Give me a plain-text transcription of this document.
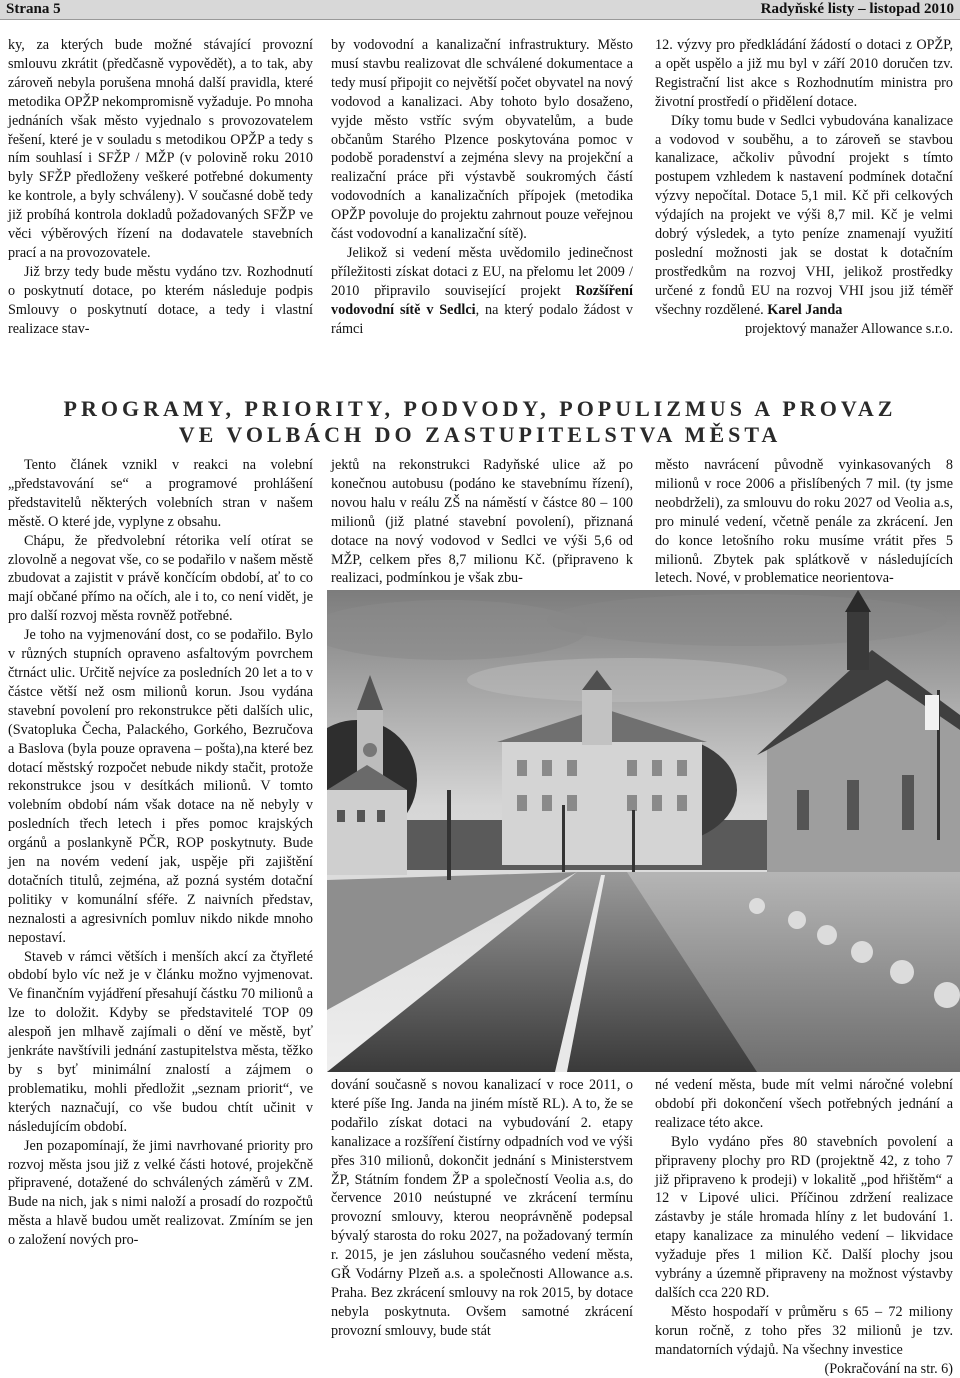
Strana 5	Radyňské listy – listopad 2010

ky, za kterých bude možné stávající provozní smlouvu zkrátit (předčasně vypovědět), a to tak, aby zároveň nebyla porušena mnohá další pravidla, které metodika OPŽP nekompromisně vyžaduje. Po mnoha jednáních však město vyjednalo s provozovatelem řešení, které je v souladu s metodikou OPŽP a tedy s ním souhlasí i SFŽP / MŽP (v polovině roku 2010 byly SFŽP předloženy veškeré potřebné dokumenty ke kontrole, a byly schváleny). V současné době tedy již probíhá kontrola dokladů požadovaných SFŽP ve věci výběrových řízení na dodavatele stavebních prací a na provozovatele.

Již brzy tedy bude městu vydáno tzv. Rozhodnutí o poskytnutí dotace, po kterém následuje podpis Smlouvy o poskytnutí dotace, a tedy i vlastní realizace stav-

by vodovodní a kanalizační infrastruktury. Město musí stavbu realizovat dle schválené dokumentace a tedy musí připojit co největší počet obyvatel na nový vodovod a kanalizaci. Aby tohoto bylo dosaženo, vyjde město vstříc svým obyvatelům, a bude občanům Starého Plzence poskytována pomoc v podobě poradenství a zejména slevy na projekční a realizační práce při výstavbě soukromých částí vodovodních a kanalizačních přípojek (metodika OPŽP povoluje do projektu zahrnout pouze veřejnou část vodovodní a kanalizační sítě).

Jelikož si vedení města uvědomilo jedinečnost příležitosti získat dotaci z EU, na přelomu let 2009 / 2010 připravilo související projekt Rozšíření vodovodní sítě v Sedlci, na který podalo žádost v rámci

12. výzvy pro předkládání žádostí o dotaci z OPŽP, a opět uspělo a již mu byl v září 2010 doručen tzv. Registrační list akce s Rozhodnutím ministra pro životní prostředí o přidělení dotace.

Díky tomu bude v Sedlci vybudována kanalizace a vodovod v souběhu, a to zároveň se stavbou kanalizace, ačkoliv původní projekt s tímto postupem vzhledem k nastavení podmínek dotační výzvy nepočítal. Dotace 5,1 mil. Kč při celkových výdajích na projekt ve výši 8,7 mil. Kč je velmi dobrý výsledek, a tyto peníze znamenají využití poslední možnosti jak se dostat k dotačním prostředkům na rozvoj VHI, jelikož prostředky určené z fondů EU na rozvoj VHI jsou již téměř všechny rozdělené. Karel Janda

projektový manažer Allowance s.r.o.

PROGRAMY, PRIORITY, PODVODY, POPULIZMUS A PROVAZ
VE VOLBÁCH DO ZASTUPITELSTVA MĚSTA

Tento článek vznikl v reakci na volební „představování se“ a programové prohlášení představitelů některých volebních stran v našem městě. O které jde, vyplyne z obsahu.

Chápu, že předvolební rétorika velí otírat se zlovolně a negovat vše, co se podařilo v našem městě zbudovat a zajistit v právě končícím období, ať to co mají občané přímo na očích, ale i to, co není vidět, je pro další rozvoj města rovněž potřebné.

Je toho na vyjmenování dost, co se podařilo. Bylo v různých stupních opraveno asfaltovým povrchem čtrnáct ulic. Určitě nejvíce za posledních 20 let a to v částce větší než osm milionů korun. Jsou vydána stavební povolení pro rekonstrukce pěti dalších ulic, (Svatopluka Čecha, Palackého, Gorkého, Bezručova a Baslova (byla pouze opravena – pošta),na které bez dotací městský rozpočet nebude nikdy stačit, protože rekonstrukce jsou v desítkách milionů. V tomto volebním období nám však dotace na ně nebyly v posledních třech letech i přes pomoc krajských orgánů a poslankyně PČR, ROP poskytnuty. Bude jen na novém vedení jak, uspěje při zajištění dotačních titulů, zejména, až pozná systém dotační politiky v komunální sféře. Z naivních představ, neznalosti a agresivních pomluv nikdo nikde mnoho nepostaví.

Staveb v rámci větších i menších akcí za čtyřleté období bylo víc než je v článku možno vyjmenovat. Ve finančním vyjádření přesahují částku 70 milionů a lze to doložit. Kdyby se představitelé TOP 09 alespoň jen mlhavě zajímali o dění ve městě, byť jenkráte navštívili jednání zastupitelstva města, těžko by s byť minimální znalostí a zájmem o problematiku, mohli předložit „seznam priorit“, ve kterých naznačují, co vše budou chtít učinit v následujícím období.

Jen pozapomínají, že jimi navrhované priority pro rozvoj města jsou již z velké části hotové, projekčně připravené, dotažené do schválených záměrů v ZM. Bude na nich, jak s nimi naloží a prosadí do rozpočtů města a hlavě budou umět realizovat. Zmíním se jen o založení nových pro-

jektů na rekonstrukci Radyňské ulice až po konečnou autobusu (podáno ke stavebnímu řízení), novou halu v reálu ZŠ na náměstí v částce 80 – 100 milionů (již platné stavební povolení), přiznaná dotace na nový vodovod v Sedlci ve výši 5,6 od MŽP, celkem přes 8,7 milionu Kč. (připraveno k realizaci, podmínkou je však zbu-

město navrácení původně vyinkasovaných 8 milionů v roce 2006 a přislíbených 7 mil. (ty jsme neobdrželi), za smlouvu do roku 2027 od Veolia a.s, pro minulé vedení, včetně penále za zkrácení. Jen do konce letošního roku musíme vrátit přes 5 milionů. Zbytek pak splátkově v následujících letech. Nové, v problematice neorientova-

dování současně s novou kanalizací v roce 2011, o které píše Ing. Janda na jiném místě RL). A to, že se podařilo získat dotaci na vybudování 2. etapy kanalizace a rozšíření čistírny odpadních vod ve výši přes 310 milionů, dokončit jednání s Ministerstvem ŽP, Státním fondem ŽP a společností Veolia a.s, do července 2010 neústupné ve zkrácení termínu provozní smlouvy, kterou neoprávněně podepsal bývalý starosta do roku 2027, na požadovaný termín r. 2015, je jen zásluhou současného vedení města, GŘ Vodárny Plzeň a.s. a společnosti Allowance a.s. Praha. Bez zkrácení smlouvy na rok 2015, by dotace nebyla poskytnuta. Ovšem samotné zkrácení provozní smlouvy, bude stát

né vedení města, bude mít velmi náročné volební období při dokončení všech potřebných jednání a realizace této akce.

Bylo vydáno přes 80 stavebních povolení a připraveny plochy pro RD (projektně 42, z toho 7 již připraveno k prodeji) v lokalitě „pod hřištěm“ a 12 v Lipové ulici. Příčinou zdržení realizace zástavby je stále hromada hlíny z let budování 1. etapy kanalizace za minulého vedení – likvidace vyžaduje přes 1 milion Kč. Další plochy jsou vybrány a územně připraveny na možnost výstavby dalších cca 220 RD.

Město hospodaří v průměru s 65 – 72 miliony korun ročně, z toho přes 32 milionů je tzv. mandatorních výdajů. Na všechny investice
(Pokračování na str. 6)
